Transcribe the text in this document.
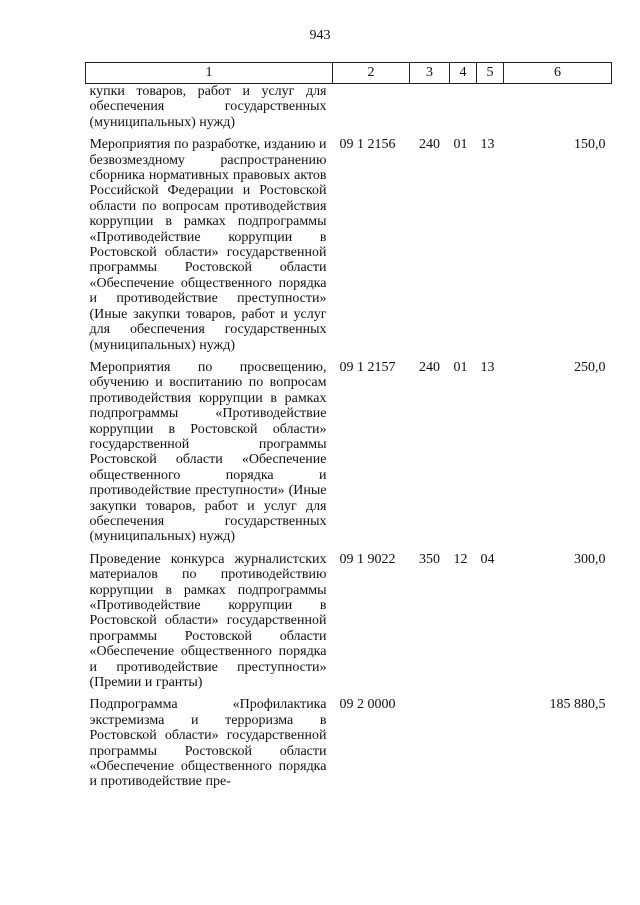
943
1	2	3	4	5	6
купки товаров, работ и услуг для обеспечения государственных (муниципальных) нужд)					
Мероприятия по разработке, изданию и безвозмездному распространению сборника нормативных правовых актов Российской Федерации и Ростовской области по вопросам противодействия коррупции в рамках подпрограммы «Противодействие коррупции в Ростовской области» государственной программы Ростовской области «Обеспечение общественного порядка и противодействие преступности» (Иные закупки товаров, работ и услуг для обеспечения государственных (муниципальных) нужд)	09 1 2156	240	01	13	150,0
Мероприятия по просвещению, обучению и воспитанию по вопросам противодействия коррупции в рамках подпрограммы «Противодействие коррупции в Ростовской области» государственной программы Ростовской области «Обеспечение общественного порядка и противодействие преступности» (Иные закупки товаров, работ и услуг для обеспечения государственных (муниципальных) нужд)	09 1 2157	240	01	13	250,0
Проведение конкурса журналистских материалов по противодействию коррупции в рамках подпрограммы «Противодействие коррупции в Ростовской области» государственной программы Ростовской области «Обеспечение общественного порядка и противодействие преступности» (Премии и гранты)	09 1 9022	350	12	04	300,0
Подпрограмма «Профилактика экстремизма и терроризма в Ростовской области» государственной программы Ростовской области «Обеспечение общественного порядка и противодействие пре-	09 2 0000				185 880,5
